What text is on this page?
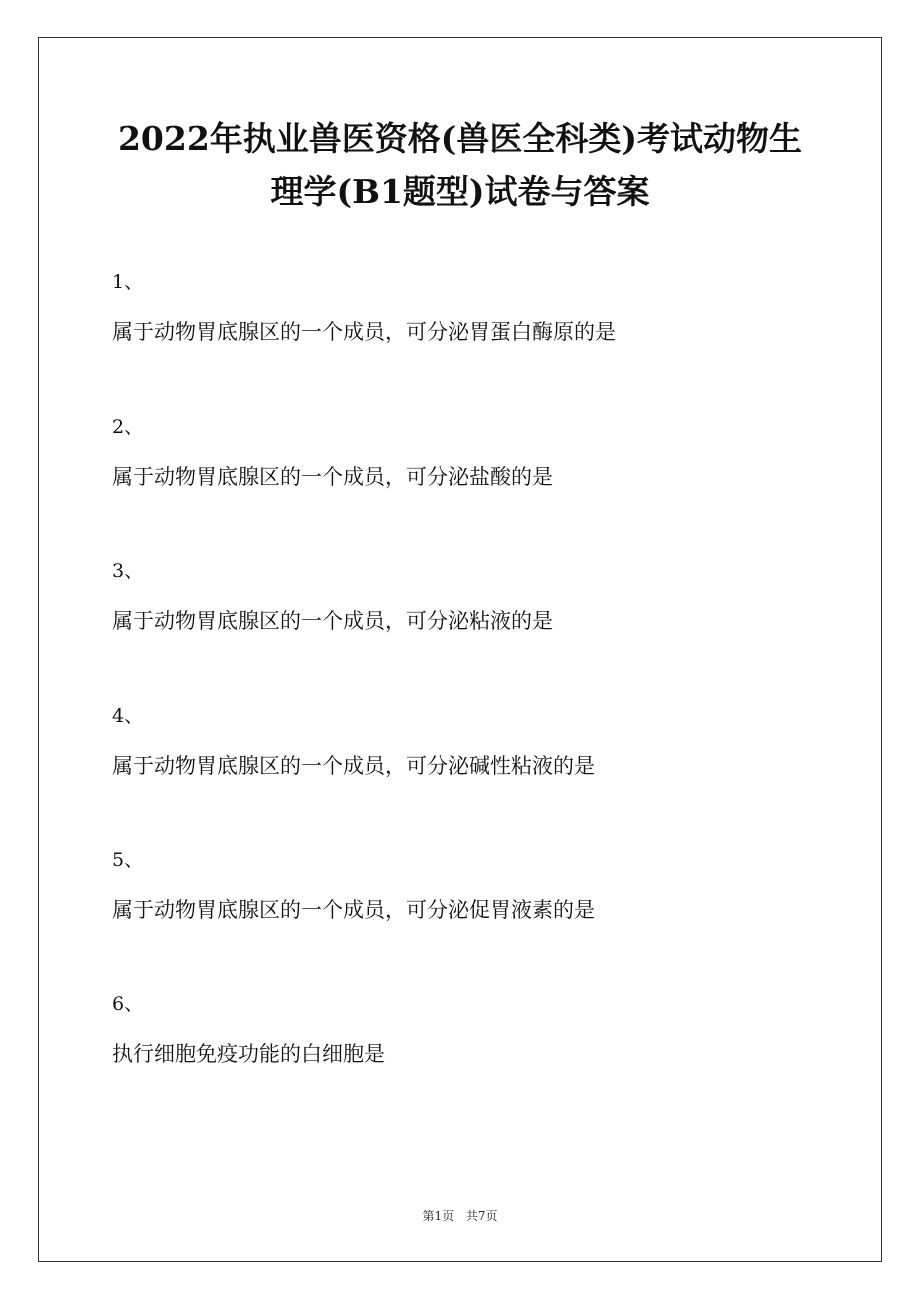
2022年执业兽医资格(兽医全科类)考试动物生
理学(B1题型)试卷与答案
1、
属于动物胃底腺区的一个成员，可分泌胃蛋白酶原的是
2、
属于动物胃底腺区的一个成员，可分泌盐酸的是
3、
属于动物胃底腺区的一个成员，可分泌粘液的是
4、
属于动物胃底腺区的一个成员，可分泌碱性粘液的是
5、
属于动物胃底腺区的一个成员，可分泌促胃液素的是
6、
执行细胞免疫功能的白细胞是
第1页 共7页
